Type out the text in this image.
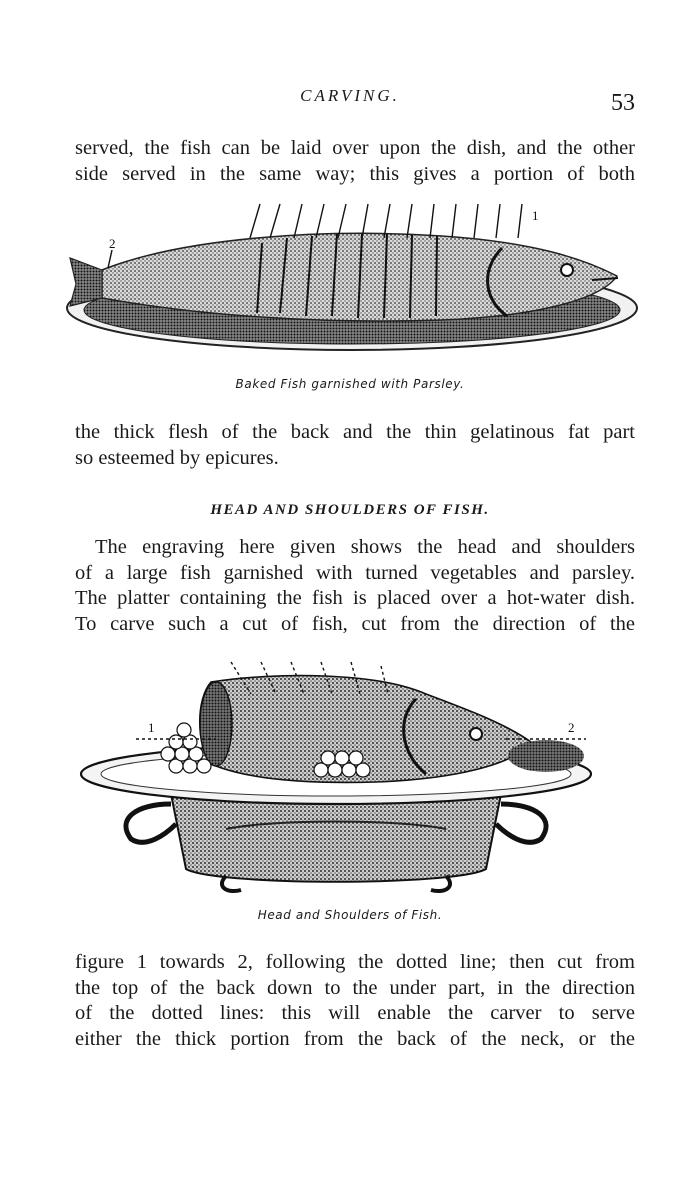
CARVING.	53

served, the fish can be laid over upon the dish, and the other
side served in the same way; this gives a portion of both

1
2
Baked Fish garnished with Parsley.

the thick flesh of the back and the thin gelatinous fat part
so esteemed by epicures.

HEAD AND SHOULDERS OF FISH.

The engraving here given shows the head and shoulders
of a large fish garnished with turned vegetables and parsley.
The platter containing the fish is placed over a hot-water dish.
To carve such a cut of fish, cut from the direction of the

1	2
Head and Shoulders of Fish.

figure 1 towards 2, following the dotted line; then cut from
the top of the back down to the under part, in the direction
of the dotted lines: this will enable the carver to serve
either the thick portion from the back of the neck, or the
